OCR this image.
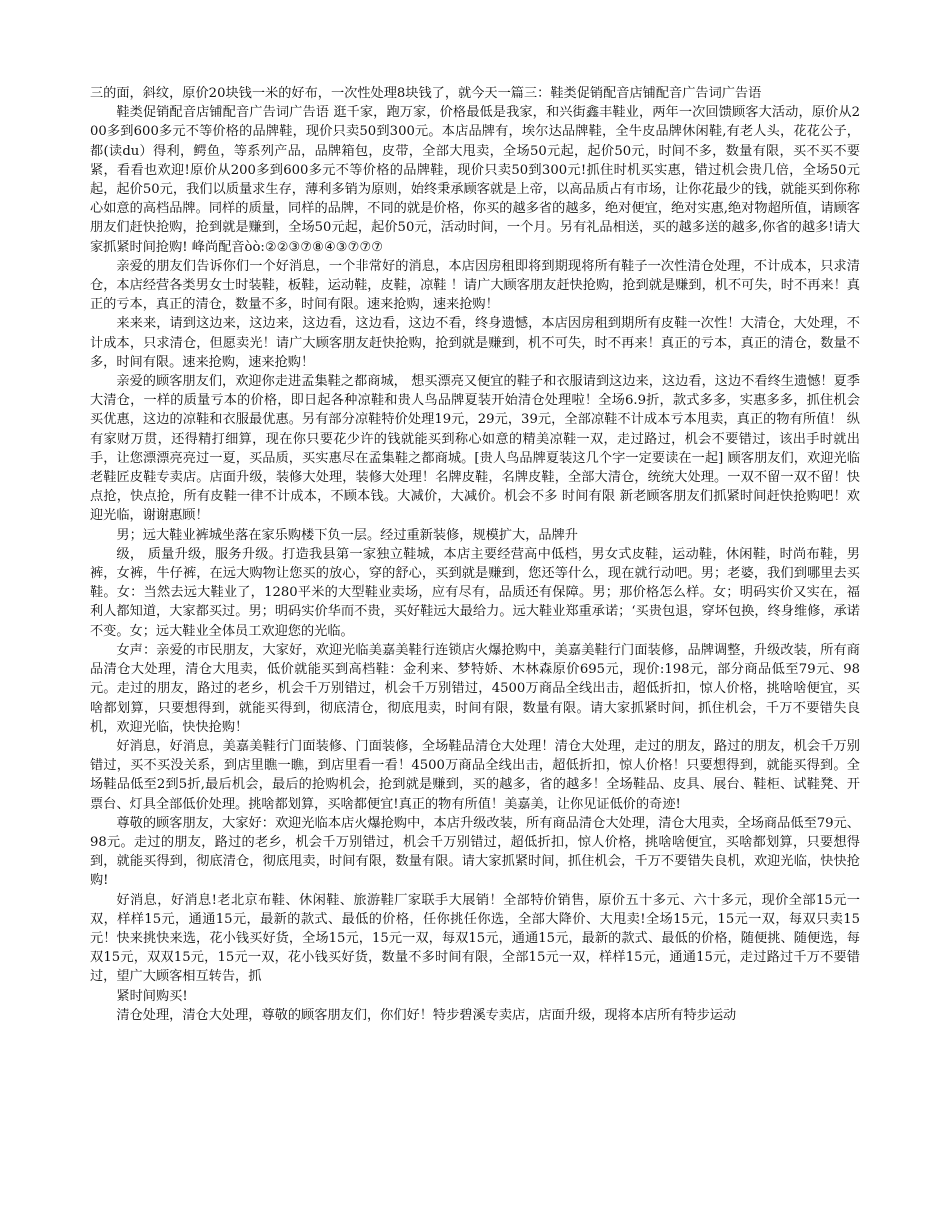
三的面，斜纹，原价20块钱一米的好布，一次性处理8块钱了，就今天一篇三：鞋类促销配音店铺配音广告词广告语

鞋类促销配音店铺配音广告词广告语 逛千家，跑万家，价格最低是我家，和兴街鑫丰鞋业，两年一次回馈顾客大活动，原价从200多到600多元不等价格的品牌鞋，现价只卖50到300元。本店品牌有，埃尔达品牌鞋，全牛皮品牌休闲鞋,有老人头，花花公子，都(读du）得利，鳄鱼，等系列产品，品牌箱包，皮带，全部大甩卖，全场50元起，起价50元，时间不多，数量有限，买不买不要紧，看看也欢迎!原价从200多到600多元不等价格的品牌鞋，现价只卖50到300元!抓住时机买实惠，错过机会贵几倍，全场50元起，起价50元，我们以质量求生存，薄利多销为原则，始终秉承顾客就是上帝，以高品质占有市场，让你花最少的钱，就能买到你称心如意的高档品牌。同样的质量，同样的品牌，不同的就是价格，你买的越多省的越多，绝对便宜，绝对实惠,绝对物超所值，请顾客朋友们赶快抢购，抢到就是赚到，全场50元起，起价50元，活动时间，一个月。另有礼品相送，买的越多送的越多,你省的越多!请大家抓紧时间抢购! 峰尚配音òò:②②③⑦⑧④③⑦⑦⑦

亲爱的朋友们告诉你们一个好消息，一个非常好的消息，本店因房租即将到期现将所有鞋子一次性清仓处理，不计成本，只求清仓，本店经营各类男女士时装鞋，板鞋，运动鞋，皮鞋，凉鞋 ！请广大顾客朋友赶快抢购，抢到就是赚到，机不可失，时不再来！真正的亏本，真正的清仓，数量不多，时间有限。速来抢购，速来抢购！

来来来，请到这边来，这边来，这边看，这边看，这边不看，终身遗憾，本店因房租到期所有皮鞋一次性！大清仓，大处理，不计成本，只求清仓，但愿卖光！请广大顾客朋友赶快抢购，抢到就是赚到，机不可失，时不再来！真正的亏本，真正的清仓，数量不多，时间有限。速来抢购，速来抢购！

亲爱的顾客朋友们，欢迎你走进孟集鞋之都商城， 想买漂亮又便宜的鞋子和衣服请到这边来，这边看，这边不看终生遗憾！夏季大清仓，一样的质量亏本的价格，即日起各种凉鞋和贵人鸟品牌夏装开始清仓处理啦！全场6.9折，款式多多，实惠多多，抓住机会买优惠，这边的凉鞋和衣服最优惠。另有部分凉鞋特价处理19元，29元，39元，全部凉鞋不计成本亏本甩卖，真正的物有所值！ 纵有家财万贯，还得精打细算，现在你只要花少许的钱就能买到称心如意的精美凉鞋一双，走过路过，机会不要错过，该出手时就出手，让您漂漂亮亮过一夏，买品质，买实惠尽在孟集鞋之都商城。[贵人鸟品牌夏装这几个字一定要读在一起] 顾客朋友们，欢迎光临老鞋匠皮鞋专卖店。店面升级，装修大处理，装修大处理！名牌皮鞋，名牌皮鞋，全部大清仓，统统大处理。一双不留一双不留！快点抢，快点抢，所有皮鞋一律不计成本，不顾本钱。大减价，大减价。机会不多 时间有限 新老顾客朋友们抓紧时间赶快抢购吧！欢迎光临，谢谢惠顾！

男；远大鞋业裤城坐落在家乐购楼下负一层。经过重新装修，规模扩大，品牌升

级， 质量升级，服务升级。打造我县第一家独立鞋城，本店主要经营高中低档，男女式皮鞋，运动鞋，休闲鞋，时尚布鞋，男裤，女裤，牛仔裤，在远大购物让您买的放心，穿的舒心，买到就是赚到，您还等什么，现在就行动吧。男；老婆，我们到哪里去买鞋。女：当然去远大鞋业了，1280平米的大型鞋业卖场，应有尽有，品质还有保障。男；那价格怎么样。女；明码实价又实在，福利人都知道，大家都买过。男；明码实价华而不贵，买好鞋远大最给力。远大鞋业郑重承诺；‘买贵包退，穿坏包换，终身维修，承诺不变。女；远大鞋业全体员工欢迎您的光临。

女声：亲爱的市民朋友，大家好，欢迎光临美嘉美鞋行连锁店火爆抢购中，美嘉美鞋行门面装修，品牌调整，升级改装，所有商品清仓大处理，清仓大甩卖，低价就能买到高档鞋：金利来、梦特娇、木林森原价695元，现价:198元，部分商品低至79元、98元。走过的朋友，路过的老乡，机会千万别错过，机会千万别错过，4500万商品全线出击，超低折扣，惊人价格，挑啥啥便宜，买啥都划算，只要想得到，就能买得到，彻底清仓，彻底甩卖，时间有限，数量有限。请大家抓紧时间，抓住机会，千万不要错失良机，欢迎光临，快快抢购！

好消息，好消息，美嘉美鞋行门面装修、门面装修，全场鞋品清仓大处理！清仓大处理，走过的朋友，路过的朋友，机会千万别错过，买不买没关系，到店里瞧一瞧，到店里看一看！4500万商品全线出击，超低折扣，惊人价格！只要想得到，就能买得到。全场鞋品低至2到5折,最后机会，最后的抢购机会，抢到就是赚到，买的越多，省的越多！全场鞋品、皮具、展台、鞋柜、试鞋凳、开票台、灯具全部低价处理。挑啥都划算，买啥都便宜!真正的物有所值！美嘉美，让你见证低价的奇迹!

尊敬的顾客朋友，大家好：欢迎光临本店火爆抢购中，本店升级改装，所有商品清仓大处理，清仓大甩卖，全场商品低至79元、98元。走过的朋友，路过的老乡，机会千万别错过，机会千万别错过，超低折扣，惊人价格，挑啥啥便宜，买啥都划算，只要想得到，就能买得到，彻底清仓，彻底甩卖，时间有限，数量有限。请大家抓紧时间，抓住机会，千万不要错失良机，欢迎光临，快快抢购!

好消息，好消息!老北京布鞋、休闲鞋、旅游鞋厂家联手大展销！全部特价销售，原价五十多元、六十多元，现价全部15元一双，样样15元，通通15元，最新的款式、最低的价格，任你挑任你选，全部大降价、大甩卖!全场15元，15元一双，每双只卖15元！快来挑快来选，花小钱买好货，全场15元，15元一双，每双15元，通通15元，最新的款式、最低的价格，随便挑、随便选，每双15元，双双15元，15元一双，花小钱买好货，数量不多时间有限，全部15元一双，样样15元，通通15元，走过路过千万不要错过，望广大顾客相互转告，抓

紧时间购买!

清仓处理，清仓大处理，尊敬的顾客朋友们，你们好！特步碧溪专卖店，店面升级，现将本店所有特步运动
